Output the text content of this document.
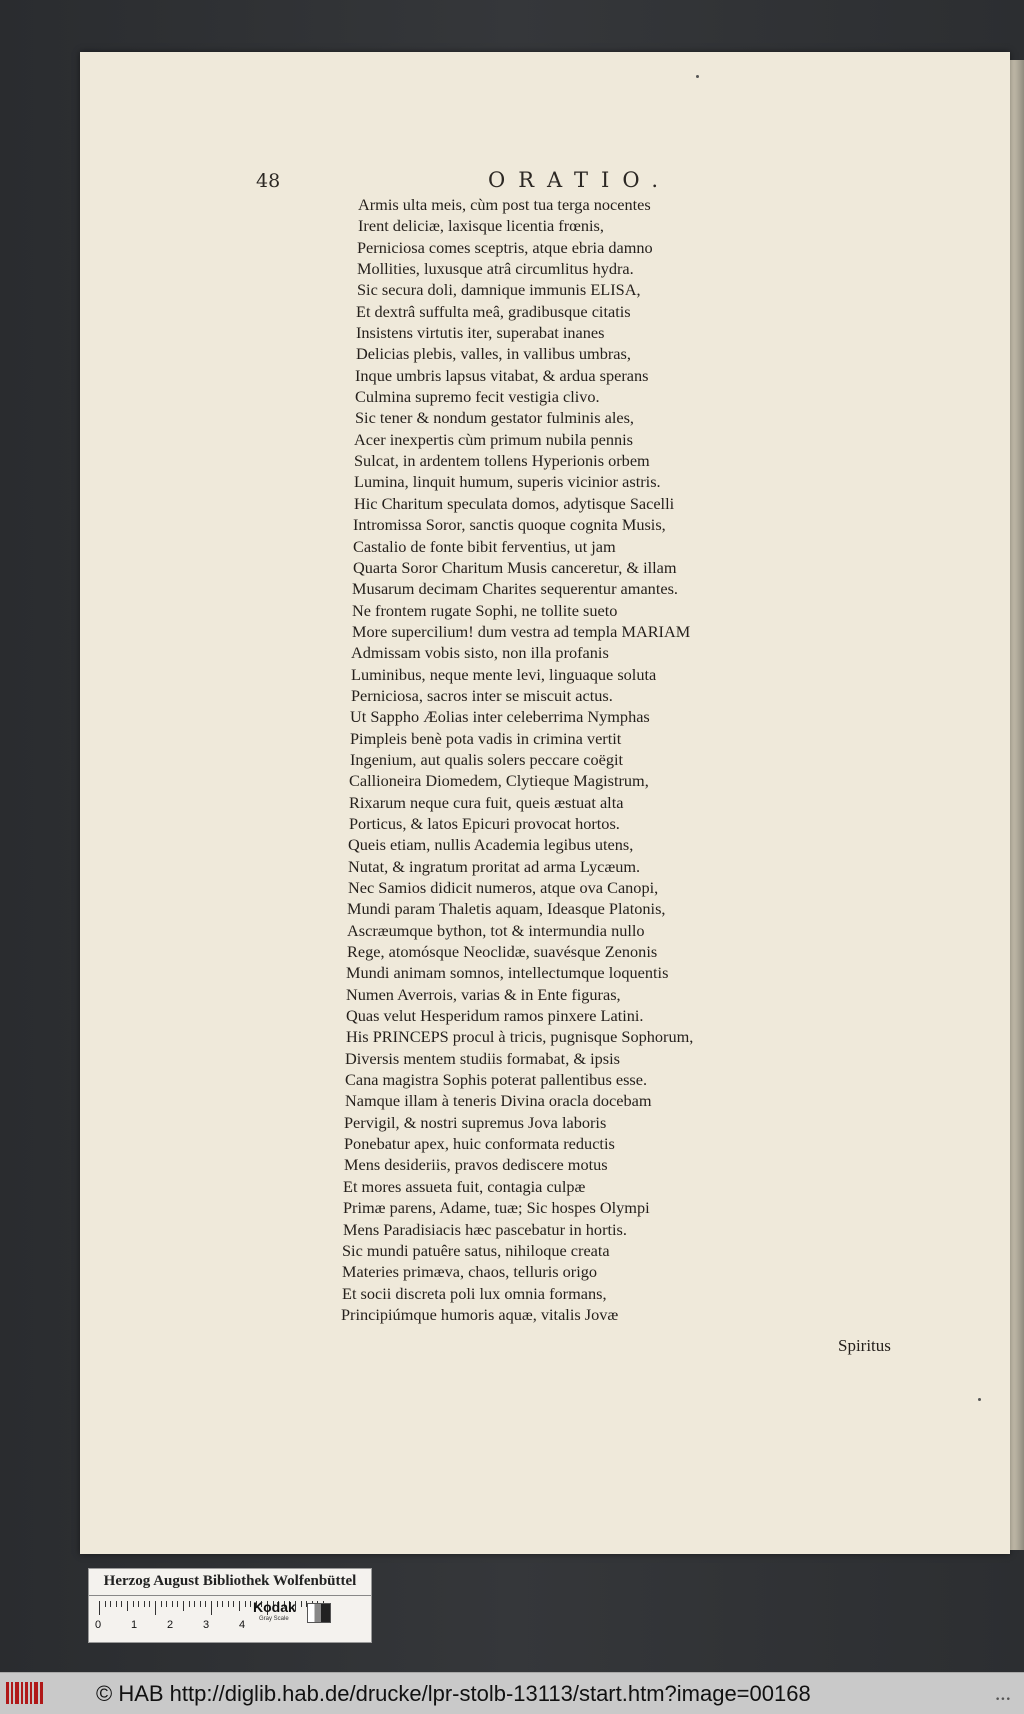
48	ORATIO.
Armis ulta meis, cùm post tua terga nocentes
Irent deliciæ, laxisque licentia frœnis,
Perniciosa comes sceptris, atque ebria damno
Mollities, luxusque atrâ circumlitus hydra.
Sic secura doli, damnique immunis ELISA,
Et dextrâ suffulta meâ, gradibusque citatis
Insistens virtutis iter, superabat inanes
Delicias plebis, valles, in vallibus umbras,
Inque umbris lapsus vitabat, & ardua sperans
Culmina supremo fecit vestigia clivo.
Sic tener & nondum gestator fulminis ales,
Acer inexpertis cùm primum nubila pennis
Sulcat, in ardentem tollens Hyperionis orbem
Lumina, linquit humum, superis vicinior astris.
Hic Charitum speculata domos, adytisque Sacelli
Intromissa Soror, sanctis quoque cognita Musis,
Castalio de fonte bibit ferventius, ut jam
Quarta Soror Charitum Musis canceretur, & illam
Musarum decimam Charites sequerentur amantes.
Ne frontem rugate Sophi, ne tollite sueto
More supercilium! dum vestra ad templa MARIAM
Admissam vobis sisto, non illa profanis
Luminibus, neque mente levi, linguaque soluta
Perniciosa, sacros inter se miscuit actus.
Ut Sappho Æolias inter celeberrima Nymphas
Pimpleis benè pota vadis in crimina vertit
Ingenium, aut qualis solers peccare coëgit
Callioneira Diomedem, Clytieque Magistrum,
Rixarum neque cura fuit, queis æstuat alta
Porticus, & latos Epicuri provocat hortos.
Queis etiam, nullis Academia legibus utens,
Nutat, & ingratum proritat ad arma Lycæum.
Nec Samios didicit numeros, atque ova Canopi,
Mundi param Thaletis aquam, Ideasque Platonis,
Ascræumque bython, tot & intermundia nullo
Rege, atomósque Neoclidæ, suavésque Zenonis
Mundi animam somnos, intellectumque loquentis
Numen Averrois, varias & in Ente figuras,
Quas velut Hesperidum ramos pinxere Latini.
His PRINCEPS procul à tricis, pugnisque Sophorum,
Diversis mentem studiis formabat, & ipsis
Cana magistra Sophis poterat pallentibus esse.
Namque illam à teneris Divina oracla docebam
Pervigil, & nostri supremus Jova laboris
Ponebatur apex, huic conformata reductis
Mens desideriis, pravos dediscere motus
Et mores assueta fuit, contagia culpæ
Primæ parens, Adame, tuæ; Sic hospes Olympi
Mens Paradisiacis hæc pascebatur in hortis.
Sic mundi patuêre satus, nihiloque creata
Materies primæva, chaos, telluris origo
Et socii discreta poli lux omnia formans,
Principiúmque humoris aquæ, vitalis Jovæ
Spiritus
Herzog August Bibliothek Wolfenbüttel
0	1	2	3	4
Kodak
Gray Scale
© HAB http://diglib.hab.de/drucke/lpr-stolb-13113/start.htm?image=00168	•••
